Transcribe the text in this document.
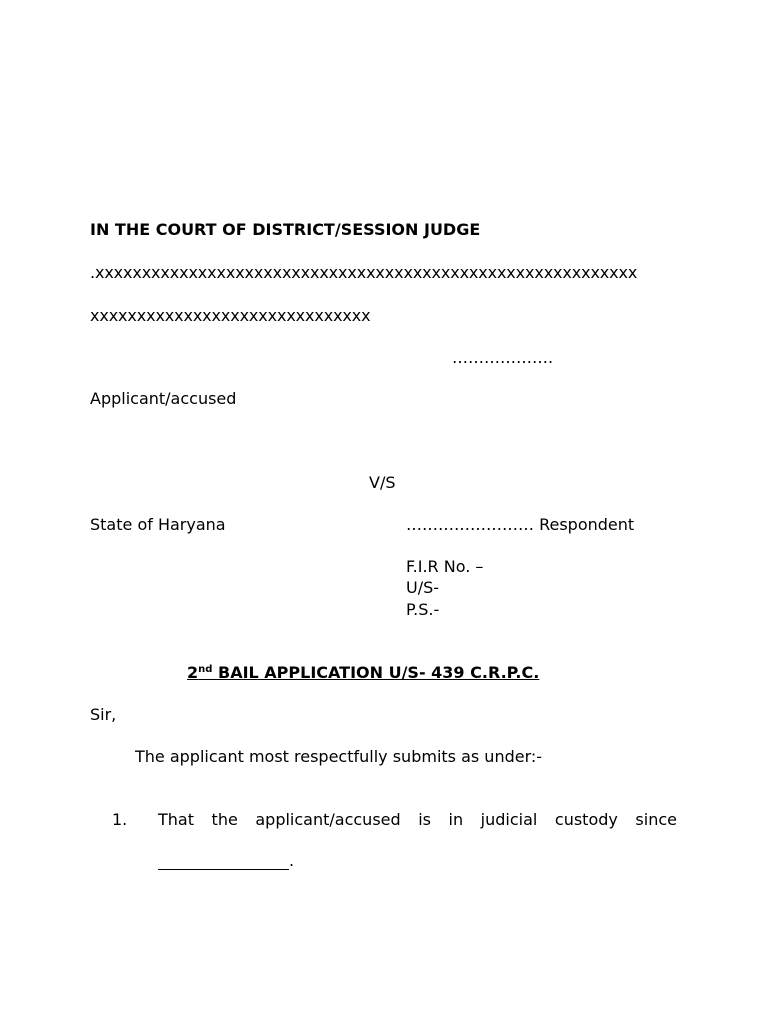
IN THE COURT OF DISTRICT/SESSION JUDGE
.xxxxxxxxxxxxxxxxxxxxxxxxxxxxxxxxxxxxxxxxxxxxxxxxxxxxxxxxxx
xxxxxxxxxxxxxxxxxxxxxxxxxxxxxx
……………….
Applicant/accused
V/S
State of Haryana	…………………… Respondent
F.I.R No. –
U/S-
P.S.-
2nd BAIL APPLICATION U/S- 439 C.R.P.C.
Sir,
The applicant most respectfully submits as under:-
1. That the applicant/accused is in judicial custody since
.
